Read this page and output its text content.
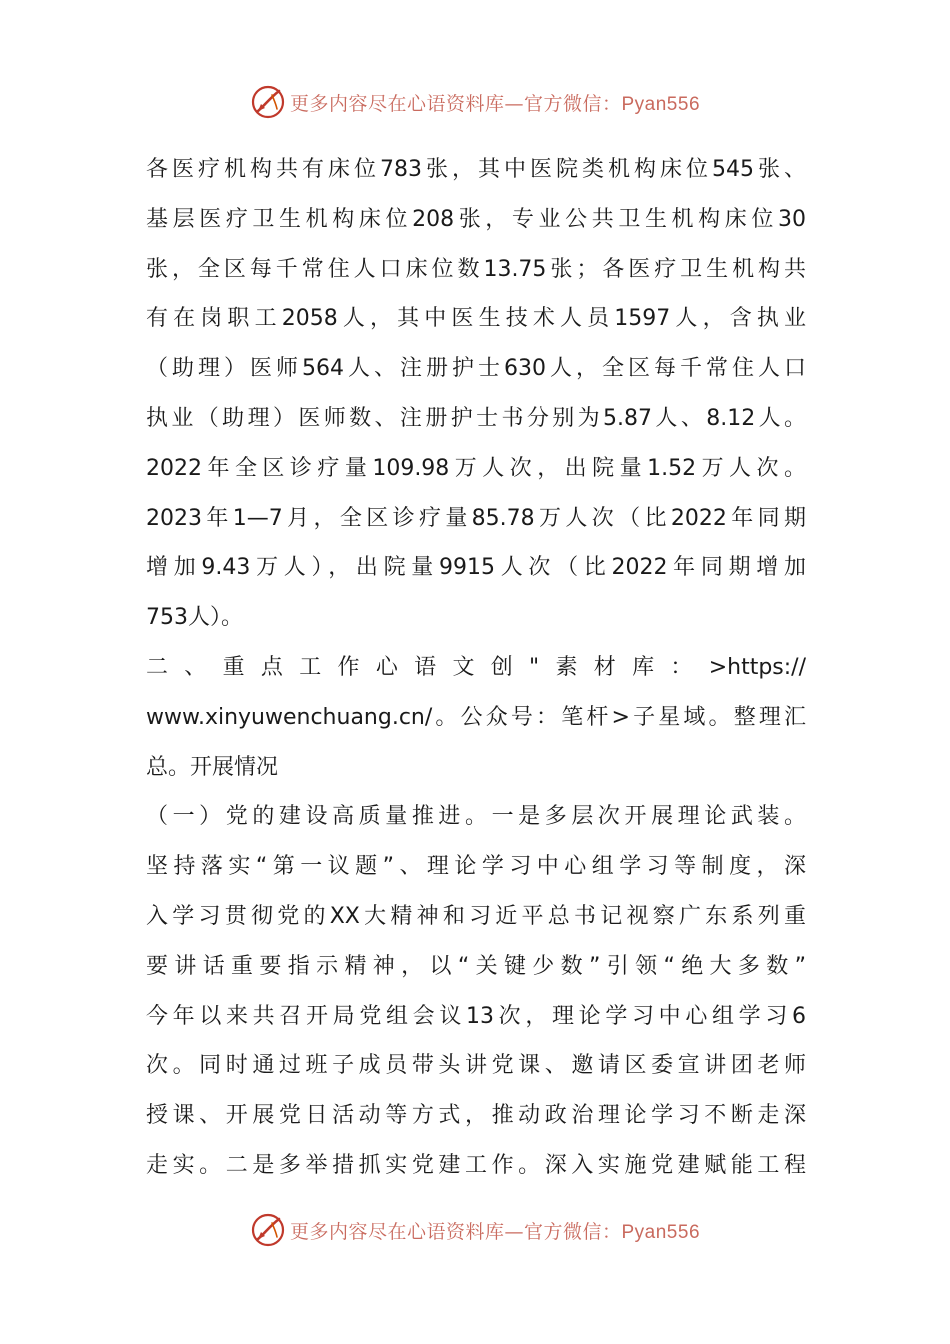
更多内容尽在心语资料库—官方微信：Pyan556
各医疗机构共有床位783张，其中医院类机构床位545张、
基层医疗卫生机构床位208张，专业公共卫生机构床位30
张，全区每千常住人口床位数13.75张；各医疗卫生机构共
有在岗职工2058人，其中医生技术人员1597人，含执业
（助理）医师564人、注册护士630人，全区每千常住人口
执业（助理）医师数、注册护士书分别为5.87人、8.12人。
2022年全区诊疗量109.98万人次，出院量1.52万人次。
2023年1—7月，全区诊疗量85.78万人次（比2022年同期
增加9.43万人），出院量9915人次（比2022年同期增加
753人）。
二、重点工作心语文创"素材库：>https://
www.xinyuwenchuang.cn/。公众号：笔杆>子星域。整理汇
总。开展情况
（一）党的建设高质量推进。一是多层次开展理论武装。
坚持落实“第一议题”、理论学习中心组学习等制度，深
入学习贯彻党的XX大精神和习近平总书记视察广东系列重
要讲话重要指示精神，以“关键少数”引领“绝大多数”
今年以来共召开局党组会议13次，理论学习中心组学习6
次。同时通过班子成员带头讲党课、邀请区委宣讲团老师
授课、开展党日活动等方式，推动政治理论学习不断走深
走实。二是多举措抓实党建工作。深入实施党建赋能工程
更多内容尽在心语资料库—官方微信：Pyan556
